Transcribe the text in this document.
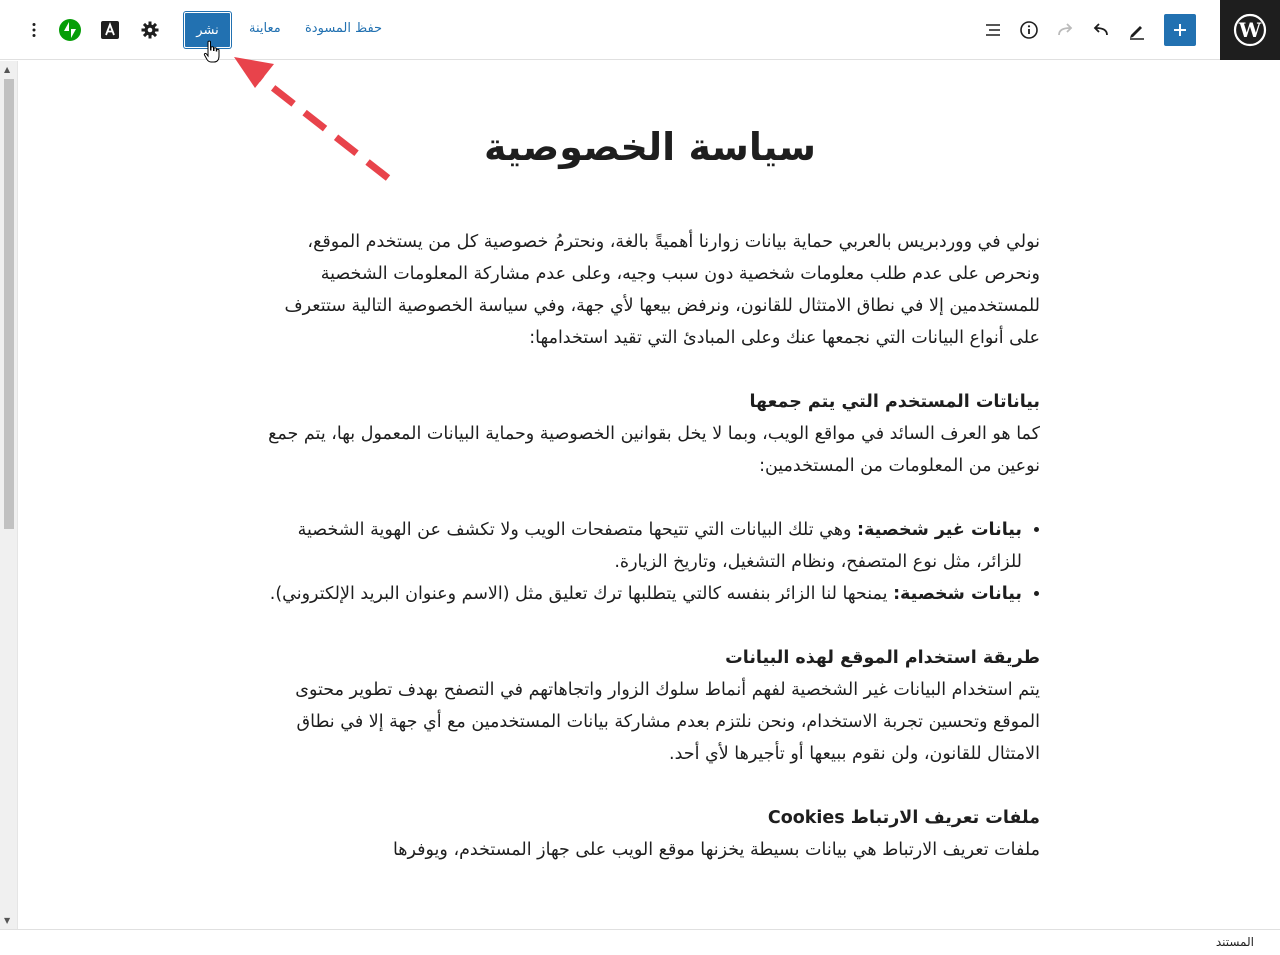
W
حفظ المسودة
معاينة
نشر
▲
▼
سياسة الخصوصية

نولي في ووردبريس بالعربي حماية بيانات زوارنا أهميةً بالغة، ونحترمُ خصوصية كل من يستخدم الموقع، ونحرص على عدم طلب معلومات شخصية دون سبب وجيه، وعلى عدم مشاركة المعلومات الشخصية للمستخدمين إلا في نطاق الامتثال للقانون، ونرفض بيعها لأي جهة، وفي سياسة الخصوصية التالية ستتعرف على أنواع البيانات التي نجمعها عنك وعلى المبادئ التي تقيد استخدامها:

بياناتات المستخدم التي يتم جمعها

كما هو العرف السائد في مواقع الويب، وبما لا يخل بقوانين الخصوصية وحماية البيانات المعمول بها، يتم جمع نوعين من المعلومات من المستخدمين:

• بيانات غير شخصية: وهي تلك البيانات التي تتيحها متصفحات الويب ولا تكشف عن الهوية الشخصية للزائر، مثل نوع المتصفح، ونظام التشغيل، وتاريخ الزيارة.
• بيانات شخصية: يمنحها لنا الزائر بنفسه كالتي يتطلبها ترك تعليق مثل (الاسم وعنوان البريد الإلكتروني).
طريقة استخدام الموقع لهذه البيانات

يتم استخدام البيانات غير الشخصية لفهم أنماط سلوك الزوار واتجاهاتهم في التصفح بهدف تطوير محتوى الموقع وتحسين تجربة الاستخدام، ونحن نلتزم بعدم مشاركة بيانات المستخدمين مع أي جهة إلا في نطاق الامتثال للقانون، ولن نقوم ببيعها أو تأجيرها لأي أحد.

ملفات تعريف الارتباط Cookies

ملفات تعريف الارتباط هي بيانات بسيطة يخزنها موقع الويب على جهاز المستخدم، ويوفرها

المستند
